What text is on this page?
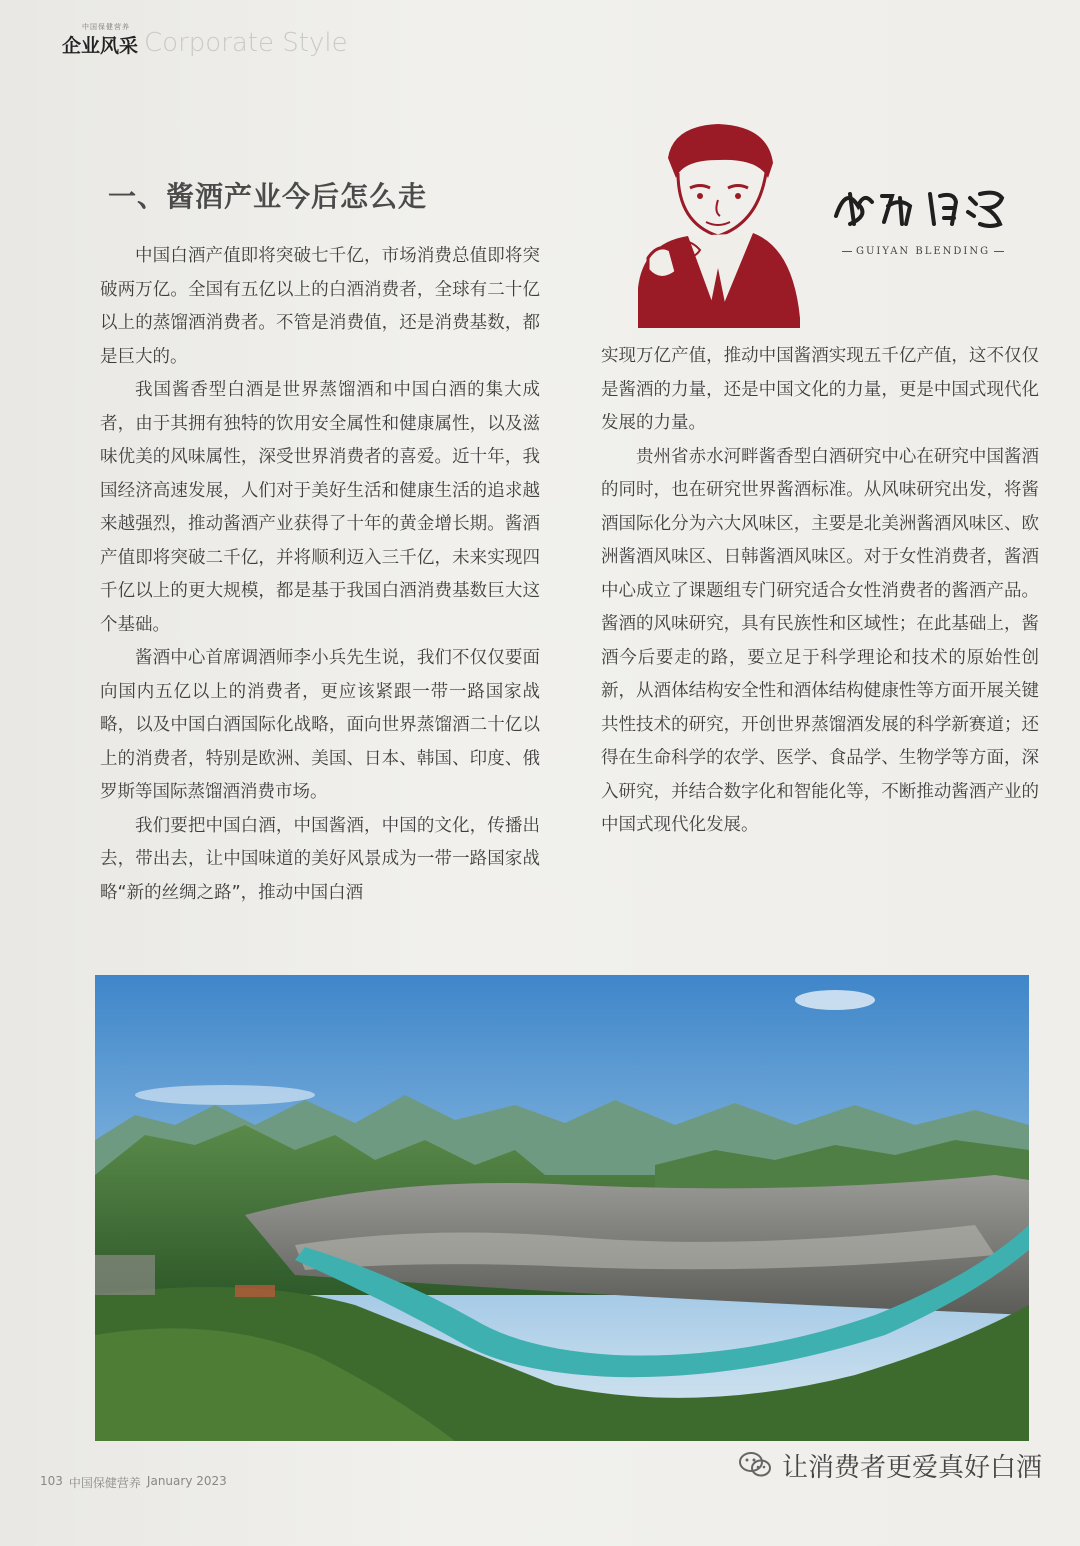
中国保健营养
企业风采 Corporate Style
一、酱酒产业今后怎么走

中国白酒产值即将突破七千亿，市场消费总值即将突破两万亿。全国有五亿以上的白酒消费者，全球有二十亿以上的蒸馏酒消费者。不管是消费值，还是消费基数，都是巨大的。

我国酱香型白酒是世界蒸馏酒和中国白酒的集大成者，由于其拥有独特的饮用安全属性和健康属性，以及滋味优美的风味属性，深受世界消费者的喜爱。近十年，我国经济高速发展，人们对于美好生活和健康生活的追求越来越强烈，推动酱酒产业获得了十年的黄金增长期。酱酒产值即将突破二千亿，并将顺利迈入三千亿，未来实现四千亿以上的更大规模，都是基于我国白酒消费基数巨大这个基础。

酱酒中心首席调酒师李小兵先生说，我们不仅仅要面向国内五亿以上的消费者，更应该紧跟一带一路国家战略，以及中国白酒国际化战略，面向世界蒸馏酒二十亿以上的消费者，特别是欧洲、美国、日本、韩国、印度、俄罗斯等国际蒸馏酒消费市场。

我们要把中国白酒，中国酱酒，中国的文化，传播出去，带出去，让中国味道的美好风景成为一带一路国家战略“新的丝绸之路”，推动中国白酒

GUIYAN BLENDING

实现万亿产值，推动中国酱酒实现五千亿产值，这不仅仅是酱酒的力量，还是中国文化的力量，更是中国式现代化发展的力量。

贵州省赤水河畔酱香型白酒研究中心在研究中国酱酒的同时，也在研究世界酱酒标准。从风味研究出发，将酱酒国际化分为六大风味区，主要是北美洲酱酒风味区、欧洲酱酒风味区、日韩酱酒风味区。对于女性消费者，酱酒中心成立了课题组专门研究适合女性消费者的酱酒产品。酱酒的风味研究，具有民族性和区域性；在此基础上，酱酒今后要走的路，要立足于科学理论和技术的原始性创新，从酒体结构安全性和酒体结构健康性等方面开展关键共性技术的研究，开创世界蒸馏酒发展的科学新赛道；还得在生命科学的农学、医学、食品学、生物学等方面，深入研究，并结合数字化和智能化等，不断推动酱酒产业的中国式现代化发展。

103 中国保健营养 January 2023	让消费者更爱真好白酒
